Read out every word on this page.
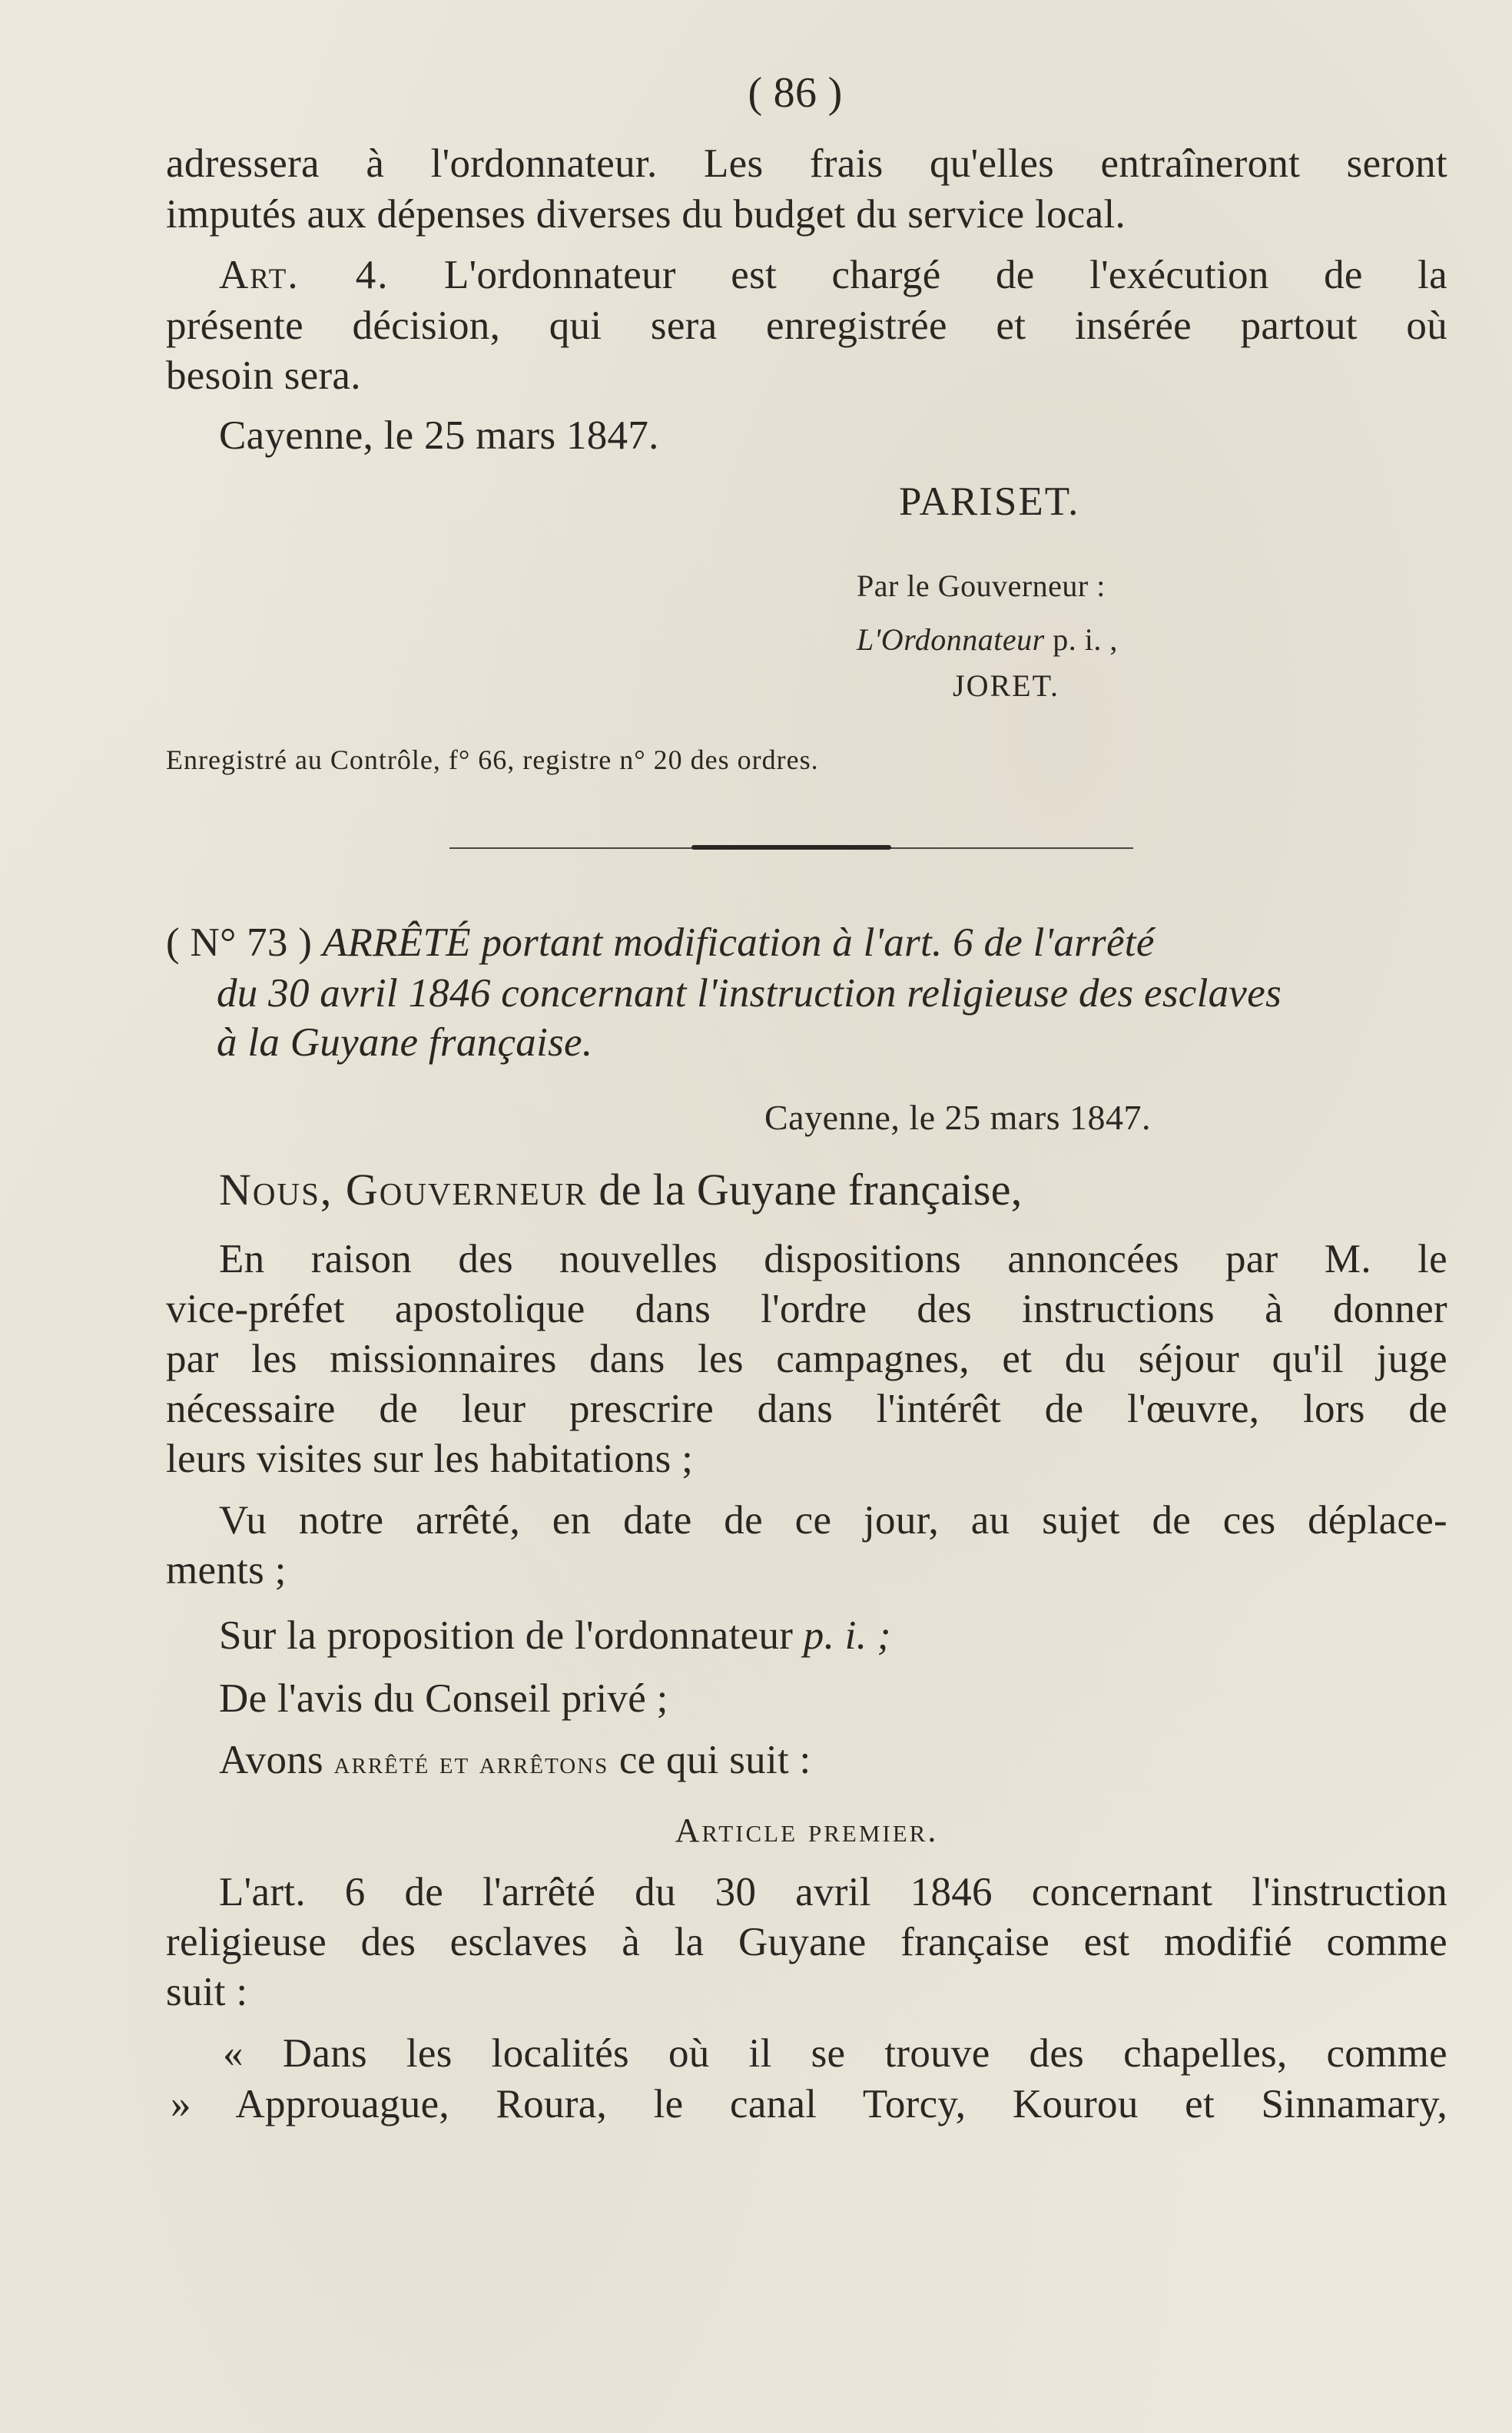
( 86 )
adressera à l'ordonnateur. Les frais qu'elles entraîneront seront
imputés aux dépenses diverses du budget du service local.
Art. 4. L'ordonnateur est chargé de l'exécution de la
présente décision, qui sera enregistrée et insérée partout où
besoin sera.
Cayenne, le 25 mars 1847.
PARISET.
Par le Gouverneur :
L'Ordonnateur p. i. ,
JORET.
Enregistré au Contrôle, f° 66, registre n° 20 des ordres.
( N° 73 ) ARRÊTÉ portant modification à l'art. 6 de l'arrêté
du 30 avril 1846 concernant l'instruction religieuse des esclaves
à la Guyane française.
Cayenne, le 25 mars 1847.
Nous, Gouverneur de la Guyane française,
En raison des nouvelles dispositions annoncées par M. le
vice-préfet apostolique dans l'ordre des instructions à donner
par les missionnaires dans les campagnes, et du séjour qu'il juge
nécessaire de leur prescrire dans l'intérêt de l'œuvre, lors de
leurs visites sur les habitations ;
Vu notre arrêté, en date de ce jour, au sujet de ces déplace-
ments ;
Sur la proposition de l'ordonnateur p. i. ;
De l'avis du Conseil privé ;
Avons arrêté et arrêtons ce qui suit :
Article premier.
L'art. 6 de l'arrêté du 30 avril 1846 concernant l'instruction
religieuse des esclaves à la Guyane française est modifié comme
suit :
« Dans les localités où il se trouve des chapelles, comme
» Approuague, Roura, le canal Torcy, Kourou et Sinnamary,
